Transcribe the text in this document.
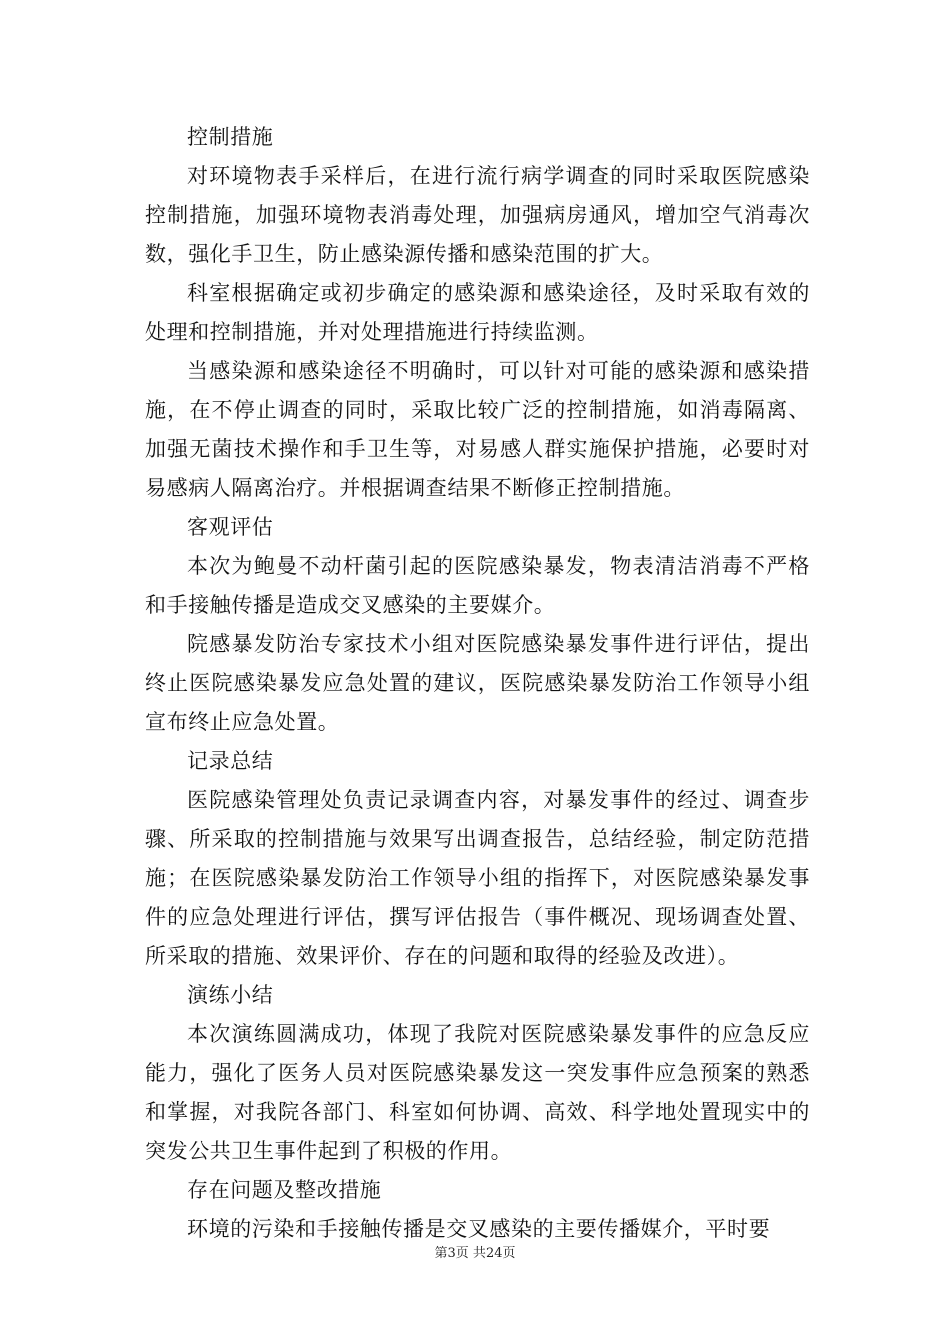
控制措施

对环境物表手采样后，在进行流行病学调查的同时采取医院感染控制措施，加强环境物表消毒处理，加强病房通风，增加空气消毒次数，强化手卫生，防止感染源传播和感染范围的扩大。

科室根据确定或初步确定的感染源和感染途径，及时采取有效的处理和控制措施，并对处理措施进行持续监测。

当感染源和感染途径不明确时，可以针对可能的感染源和感染措施，在不停止调查的同时，采取比较广泛的控制措施，如消毒隔离、加强无菌技术操作和手卫生等，对易感人群实施保护措施，必要时对易感病人隔离治疗。并根据调查结果不断修正控制措施。

客观评估

本次为鲍曼不动杆菌引起的医院感染暴发，物表清洁消毒不严格和手接触传播是造成交叉感染的主要媒介。

院感暴发防治专家技术小组对医院感染暴发事件进行评估，提出终止医院感染暴发应急处置的建议，医院感染暴发防治工作领导小组宣布终止应急处置。

记录总结

医院感染管理处负责记录调查内容，对暴发事件的经过、调查步骤、所采取的控制措施与效果写出调查报告，总结经验，制定防范措施；在医院感染暴发防治工作领导小组的指挥下，对医院感染暴发事件的应急处理进行评估，撰写评估报告（事件概况、现场调查处置、所采取的措施、效果评价、存在的问题和取得的经验及改进）。

演练小结

本次演练圆满成功，体现了我院对医院感染暴发事件的应急反应能力，强化了医务人员对医院感染暴发这一突发事件应急预案的熟悉和掌握，对我院各部门、科室如何协调、高效、科学地处置现实中的突发公共卫生事件起到了积极的作用。

存在问题及整改措施

环境的污染和手接触传播是交叉感染的主要传播媒介，平时要

第3页 共24页
